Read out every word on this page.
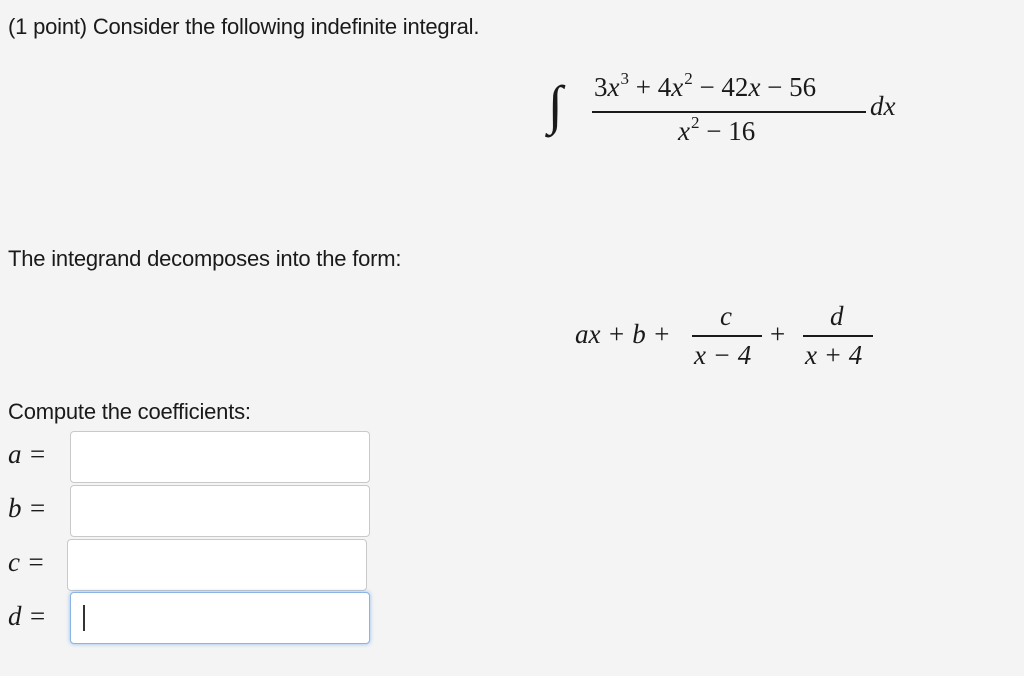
(1 point) Consider the following indefinite integral.
∫ $3x^3 + 4x^2 - 42x - 56$
$x^2 - 16$
dx
The integrand decomposes into the form:
ax + b +
c
x − 4
+
d
x + 4
Compute the coefficients:
a =
b =
c =
d =
